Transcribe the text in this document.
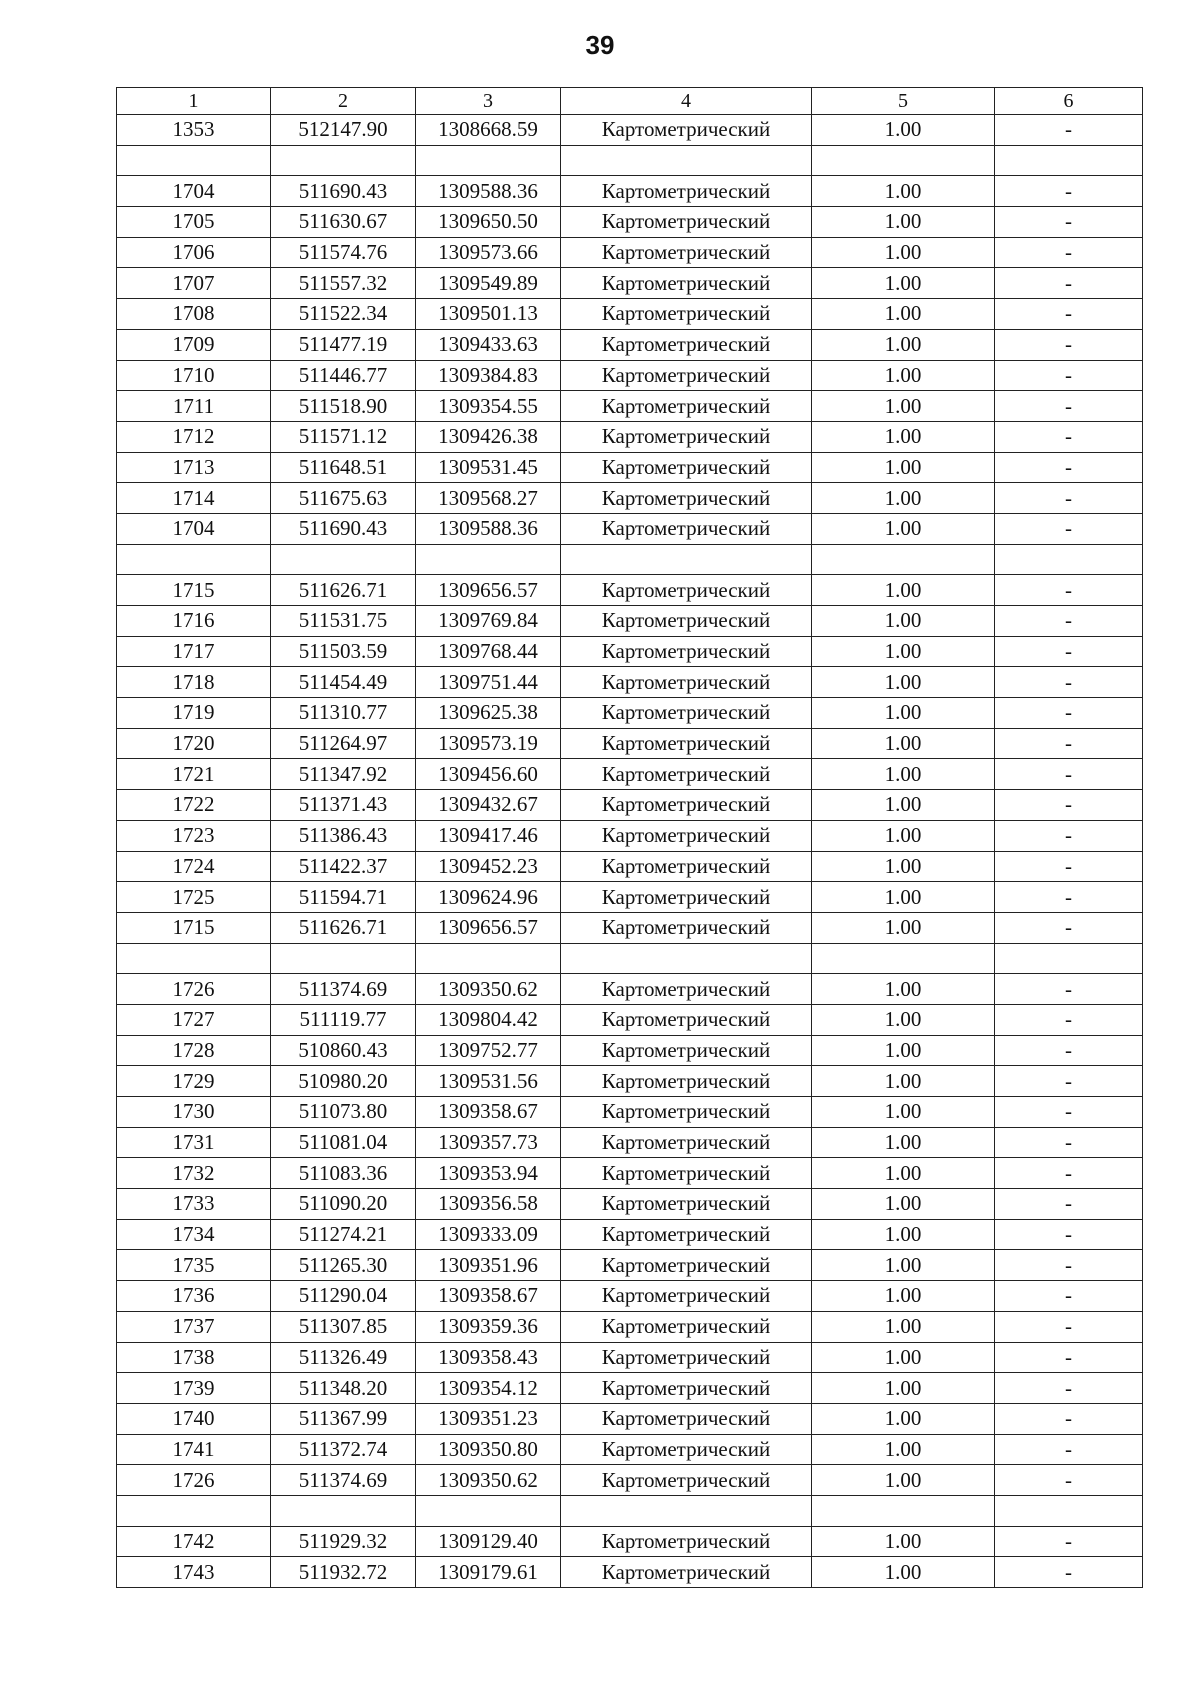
39
1	2	3	4	5	6
1353	512147.90	1308668.59	Картометрический	1.00	-

1704	511690.43	1309588.36	Картометрический	1.00	-
1705	511630.67	1309650.50	Картометрический	1.00	-
1706	511574.76	1309573.66	Картометрический	1.00	-
1707	511557.32	1309549.89	Картометрический	1.00	-
1708	511522.34	1309501.13	Картометрический	1.00	-
1709	511477.19	1309433.63	Картометрический	1.00	-
1710	511446.77	1309384.83	Картометрический	1.00	-
1711	511518.90	1309354.55	Картометрический	1.00	-
1712	511571.12	1309426.38	Картометрический	1.00	-
1713	511648.51	1309531.45	Картометрический	1.00	-
1714	511675.63	1309568.27	Картометрический	1.00	-
1704	511690.43	1309588.36	Картометрический	1.00	-

1715	511626.71	1309656.57	Картометрический	1.00	-
1716	511531.75	1309769.84	Картометрический	1.00	-
1717	511503.59	1309768.44	Картометрический	1.00	-
1718	511454.49	1309751.44	Картометрический	1.00	-
1719	511310.77	1309625.38	Картометрический	1.00	-
1720	511264.97	1309573.19	Картометрический	1.00	-
1721	511347.92	1309456.60	Картометрический	1.00	-
1722	511371.43	1309432.67	Картометрический	1.00	-
1723	511386.43	1309417.46	Картометрический	1.00	-
1724	511422.37	1309452.23	Картометрический	1.00	-
1725	511594.71	1309624.96	Картометрический	1.00	-
1715	511626.71	1309656.57	Картометрический	1.00	-

1726	511374.69	1309350.62	Картометрический	1.00	-
1727	511119.77	1309804.42	Картометрический	1.00	-
1728	510860.43	1309752.77	Картометрический	1.00	-
1729	510980.20	1309531.56	Картометрический	1.00	-
1730	511073.80	1309358.67	Картометрический	1.00	-
1731	511081.04	1309357.73	Картометрический	1.00	-
1732	511083.36	1309353.94	Картометрический	1.00	-
1733	511090.20	1309356.58	Картометрический	1.00	-
1734	511274.21	1309333.09	Картометрический	1.00	-
1735	511265.30	1309351.96	Картометрический	1.00	-
1736	511290.04	1309358.67	Картометрический	1.00	-
1737	511307.85	1309359.36	Картометрический	1.00	-
1738	511326.49	1309358.43	Картометрический	1.00	-
1739	511348.20	1309354.12	Картометрический	1.00	-
1740	511367.99	1309351.23	Картометрический	1.00	-
1741	511372.74	1309350.80	Картометрический	1.00	-
1726	511374.69	1309350.62	Картометрический	1.00	-

1742	511929.32	1309129.40	Картометрический	1.00	-
1743	511932.72	1309179.61	Картометрический	1.00	-
